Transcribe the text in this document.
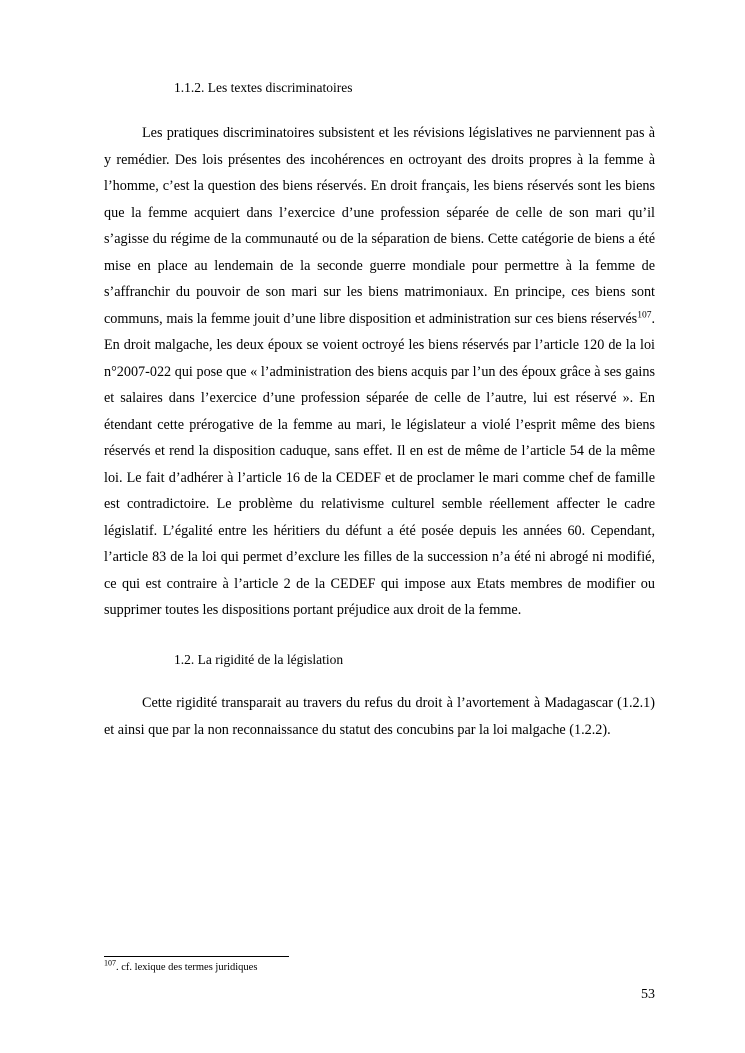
1.1.2. Les textes discriminatoires

Les pratiques discriminatoires subsistent et les révisions législatives ne parviennent pas à y remédier. Des lois présentes des incohérences en octroyant des droits propres à la femme à l’homme, c’est la question des biens réservés. En droit français, les biens réservés sont les biens que la femme acquiert dans l’exercice d’une profession séparée de celle de son mari qu’il s’agisse du régime de la communauté ou de la séparation de biens. Cette catégorie de biens a été mise en place au lendemain de la seconde guerre mondiale pour permettre à la femme de s’affranchir du pouvoir de son mari sur les biens matrimoniaux. En principe, ces biens sont communs, mais la femme jouit d’une libre disposition et administration sur ces biens réservés$^{107}$. En droit malgache, les deux époux se voient octroyé les biens réservés par l’article 120 de la loi n°2007-022 qui pose que « l’administration des biens acquis par l’un des époux grâce à ses gains et salaires dans l’exercice d’une profession séparée de celle de l’autre, lui est réservé ». En étendant cette prérogative de la femme au mari, le législateur a violé l’esprit même des biens réservés et rend la disposition caduque, sans effet. Il en est de même de l’article 54 de la même loi. Le fait d’adhérer à l’article 16 de la CEDEF et de proclamer le mari comme chef de famille est contradictoire. Le problème du relativisme culturel semble réellement affecter le cadre législatif. L’égalité entre les héritiers du défunt a été posée depuis les années 60. Cependant, l’article 83 de la loi qui permet d’exclure les filles de la succession n’a été ni abrogé ni modifié, ce qui est contraire à l’article 2 de la CEDEF qui impose aux Etats membres de modifier ou supprimer toutes les dispositions portant préjudice aux droit de la femme.

1.2. La rigidité de la législation

Cette rigidité transparait au travers du refus du droit à l’avortement à Madagascar (1.2.1) et ainsi que par la non reconnaissance du statut des concubins par la loi malgache (1.2.2).

$^{107}$. cf. lexique des termes juridiques

53
